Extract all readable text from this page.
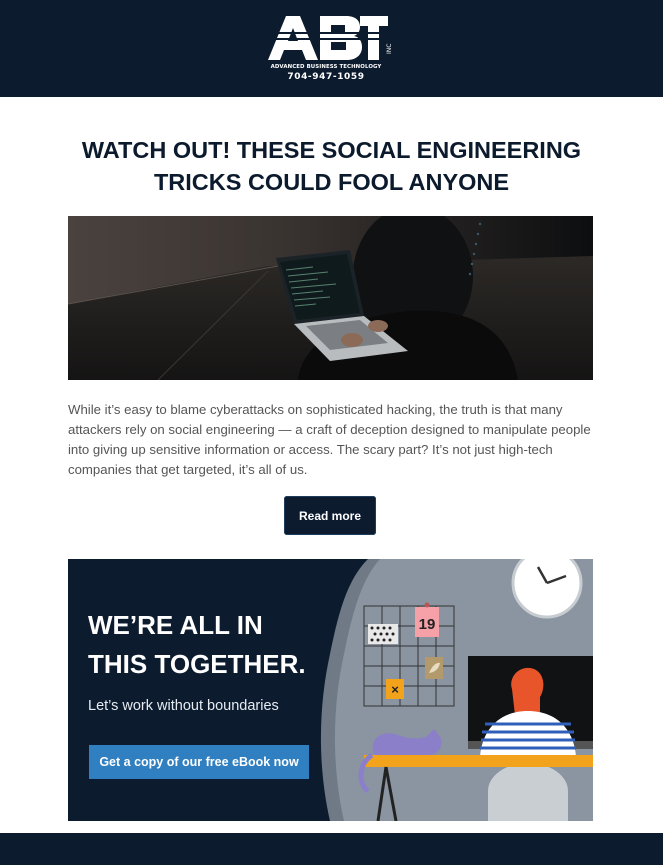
INC
ADVANCED BUSINESS TECHNOLOGY
704-947-1059
WATCH OUT! THESE SOCIAL ENGINEERING
TRICKS COULD FOOL ANYONE

While it’s easy to blame cyberattacks on sophisticated hacking, the truth is that many attackers rely on social engineering — a craft of deception designed to manipulate people into giving up sensitive information or access. The scary part? It’s not just high-tech companies that get targeted, it’s all of us.

Read more
19
×
WE’RE ALL IN
THIS TOGETHER.
Let’s work without boundaries
Get a copy of our free eBook now
